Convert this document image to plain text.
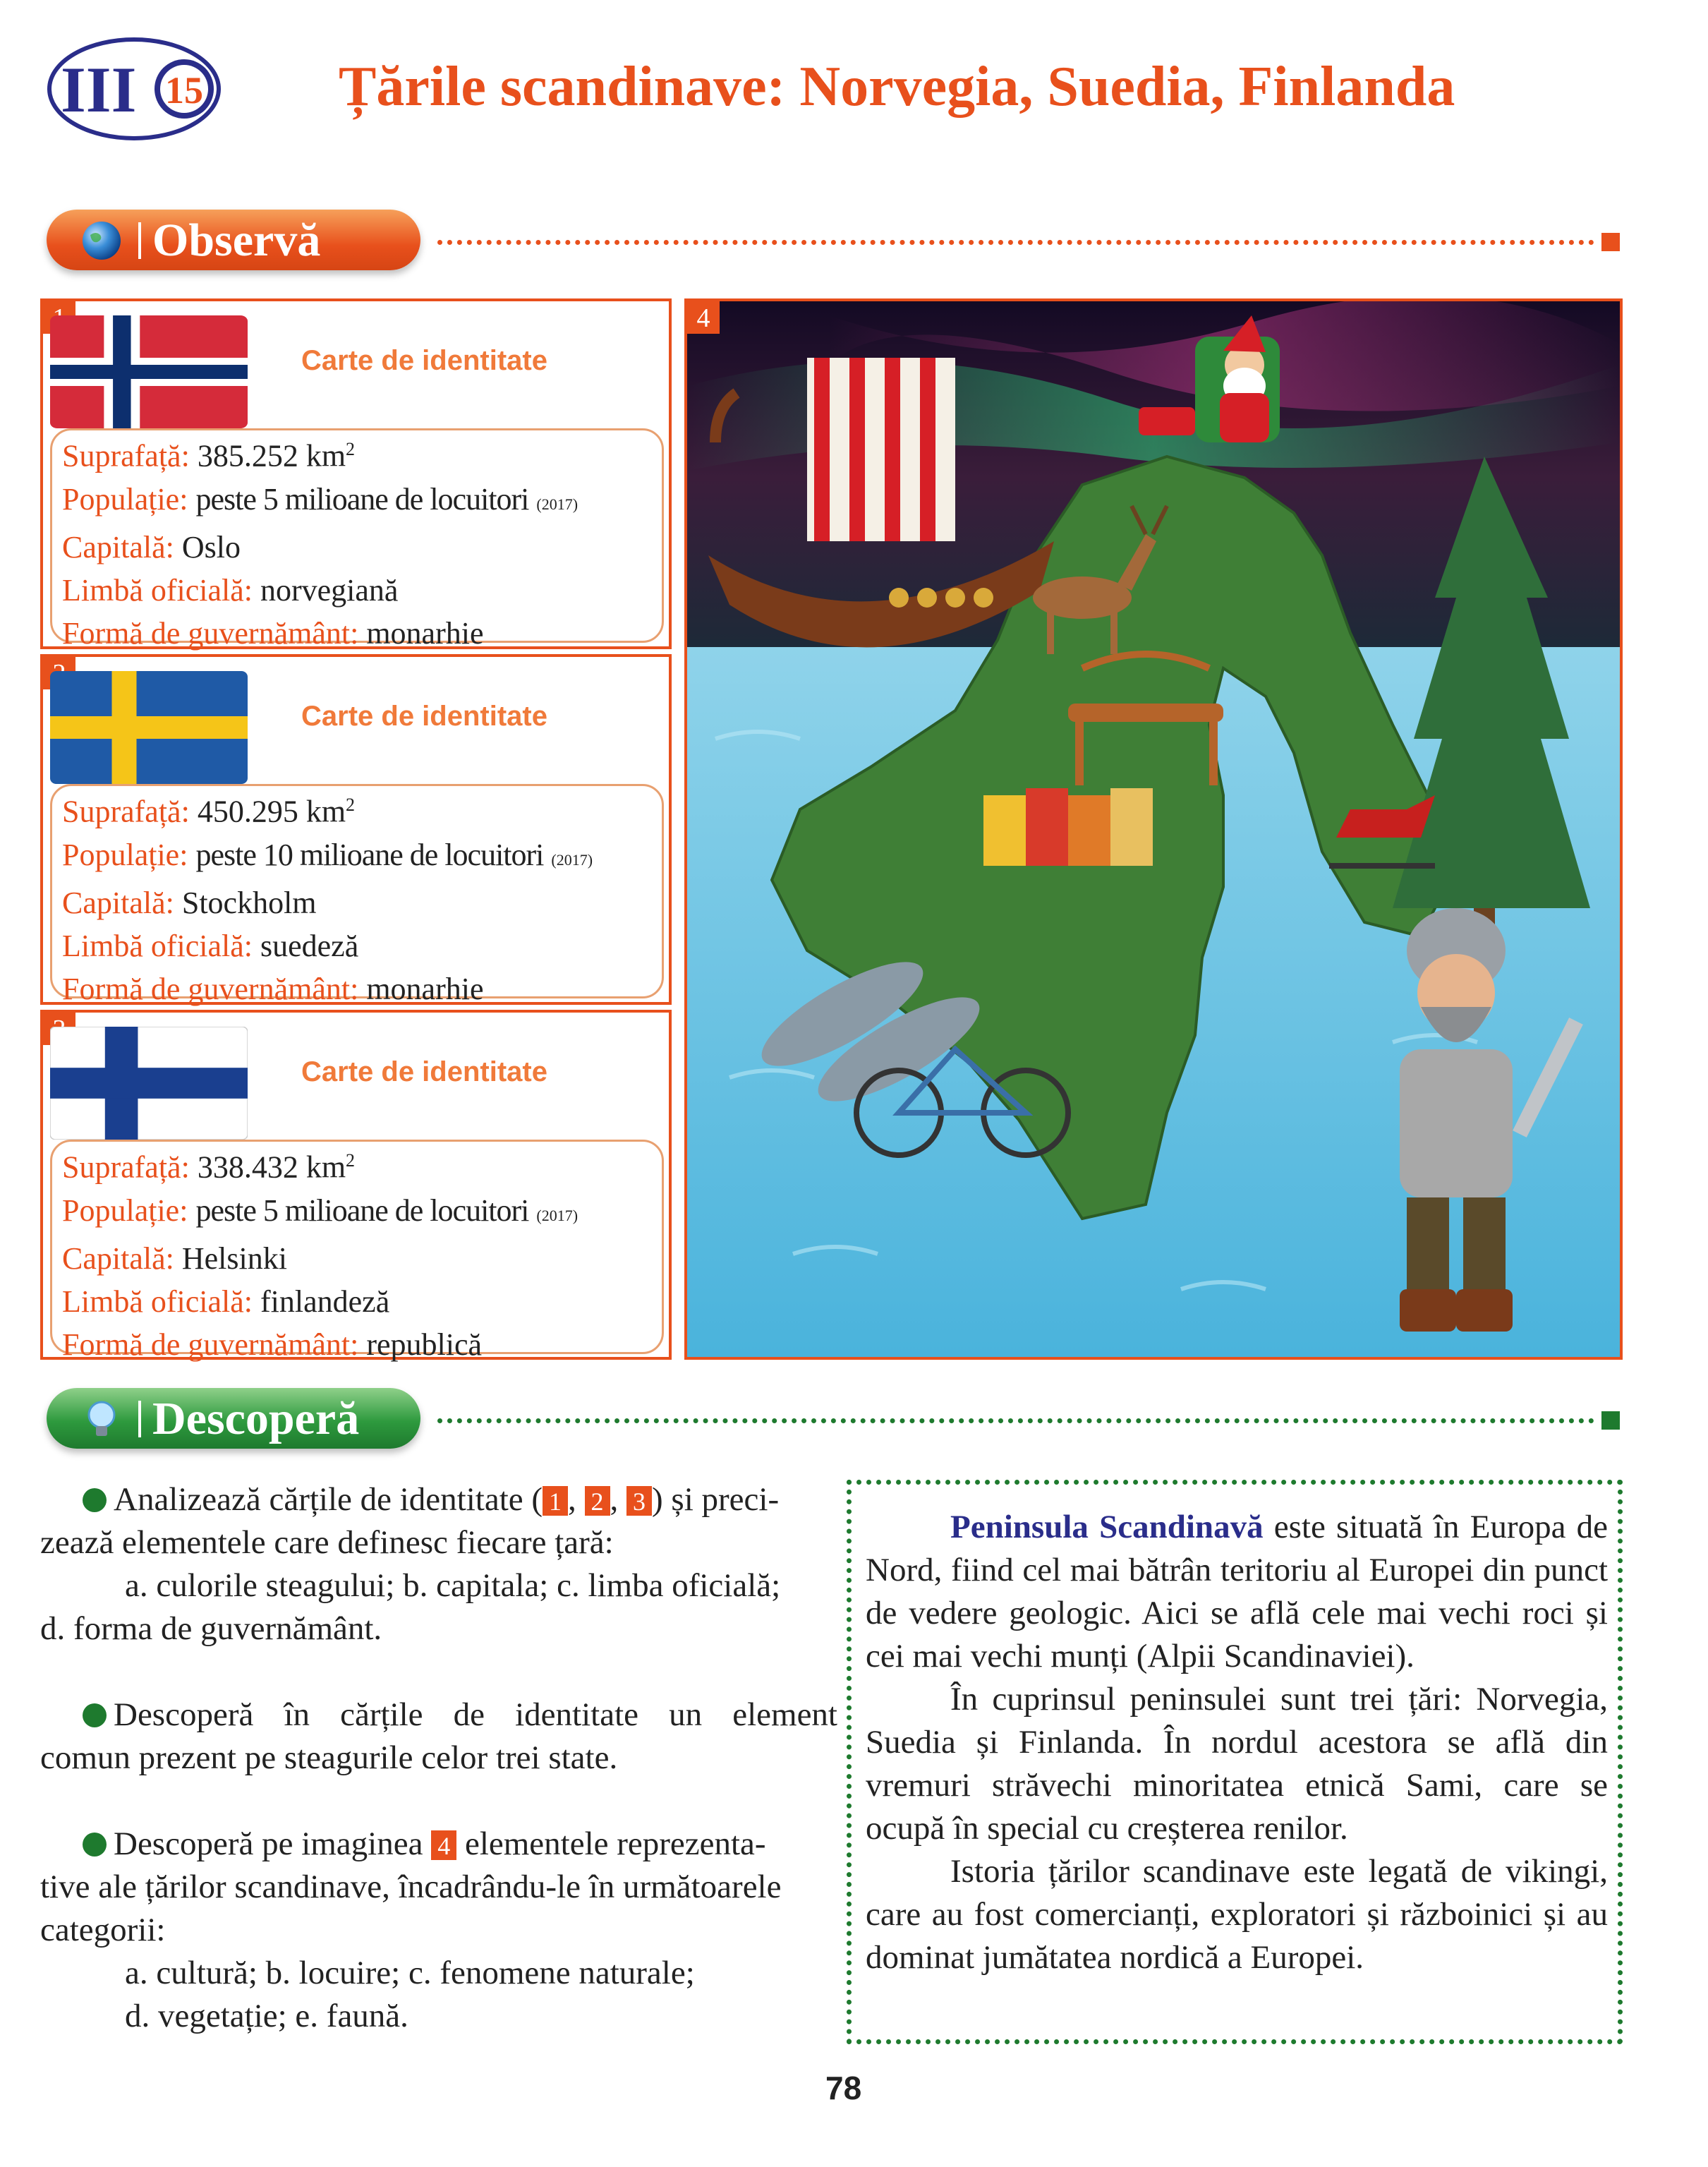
III 15 Țările scandinave: Norvegia, Suedia, Finlanda
Observă
Carte de identitate
Suprafață: 385.252 $km^2$
Populație: peste 5 milioane de locuitori (2017)
Capitală: Oslo
Limbă oficială: norvegiană
Formă de guvernământ: monarhie
Carte de identitate
Suprafață: 450.295 $km^2$
Populație: peste 10 milioane de locuitori (2017)
Capitală: Stockholm
Limbă oficială: suedeză
Formă de guvernământ: monarhie
Carte de identitate
Suprafață: 338.432 $km^2$
Populație: peste 5 milioane de locuitori (2017)
Capitală: Helsinki
Limbă oficială: finlandeză
Formă de guvernământ: republică
4
Descoperă
Analizează cărțile de identitate ( 1 , 2 , 3 ) și preci-
zează elementele care definesc fiecare țară:
a. culorile steagului; b. capitala; c. limba oficială;
d. forma de guvernământ.
Descoperă în cărțile de identitate un element
comun prezent pe steagurile celor trei state.
Descoperă pe imaginea 4 elementele reprezenta-
tive ale țărilor scandinave, încadrându-le în următoarele
categorii:
a. cultură; b. locuire; c. fenomene naturale;
d. vegetație; e. faună.

Peninsula Scandinavă este situată în Europa de Nord, fiind cel mai bătrân teritoriu al Europei din punct de vedere geologic. Aici se află cele mai vechi roci și cei mai vechi munți (Alpii Scandinaviei).

În cuprinsul peninsulei sunt trei țări: Norvegia, Suedia și Finlanda. În nordul acestora se află din vremuri străvechi minoritatea etnică Sami, care se ocupă în special cu creșterea renilor.

Istoria țărilor scandinave este legată de vikingi, care au fost comercianți, exploratori și războinici și au dominat jumătatea nordică a Europei.

78
